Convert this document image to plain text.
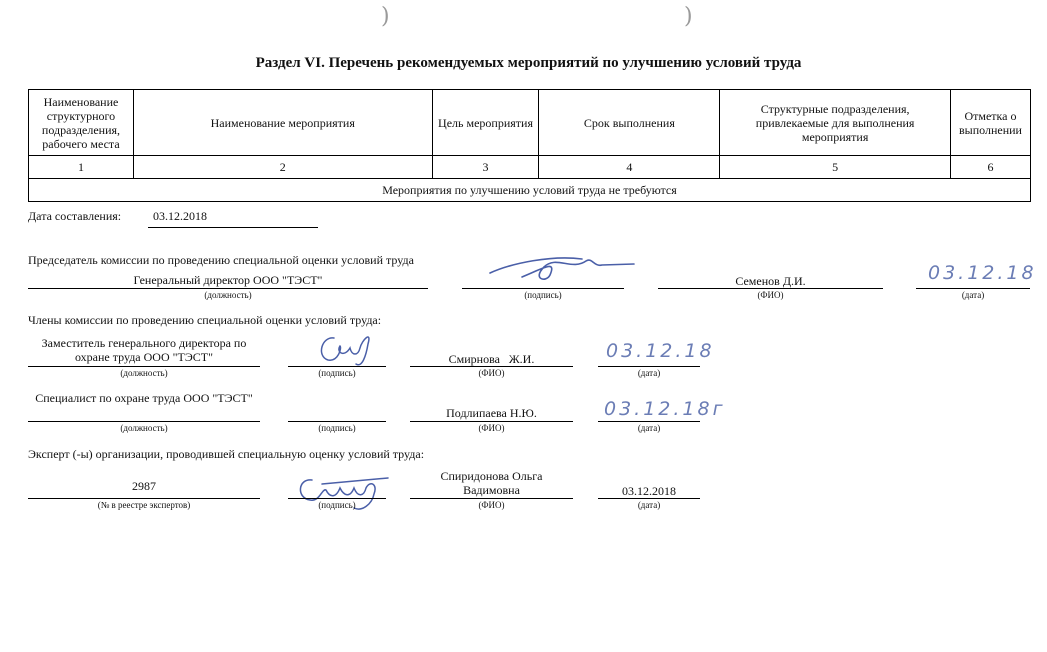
)	)
Раздел VI. Перечень рекомендуемых мероприятий по улучшению условий труда
Наименование структурного подразделения, рабочего места	Наименование мероприятия	Цель мероприятия	Срок выполнения	Структурные подразделения, привлекаемые для выполнения мероприятия	Отметка о выполнении
1	2	3	4	5	6
Мероприятия по улучшению условий труда не требуются					
Дата составления:	03.12.2018
Председатель комиссии по проведению специальной оценки условий труда
Генеральный директор ООО "ТЭСТ"
(должность)	(подпись)
Семенов Д.И.
(ФИО)
03.12.18
(дата)
Члены комиссии по проведению специальной оценки условий труда:
Заместитель генерального директора по охране труда ООО "ТЭСТ"
(должность)	(подпись)
Смирнова   Ж.И.
(ФИО)
03.12.18
(дата)
Специалист по охране труда ООО "ТЭСТ"
(должность)	(подпись)
Подлипаева Н.Ю.
(ФИО)
03.12.18г
(дата)
Эксперт (-ы) организации, проводившей специальную оценку условий труда:
2987
(№ в реестре экспертов)	(подпись)
Спиридонова Ольга Вадимовна
(ФИО)
03.12.2018
(дата)
